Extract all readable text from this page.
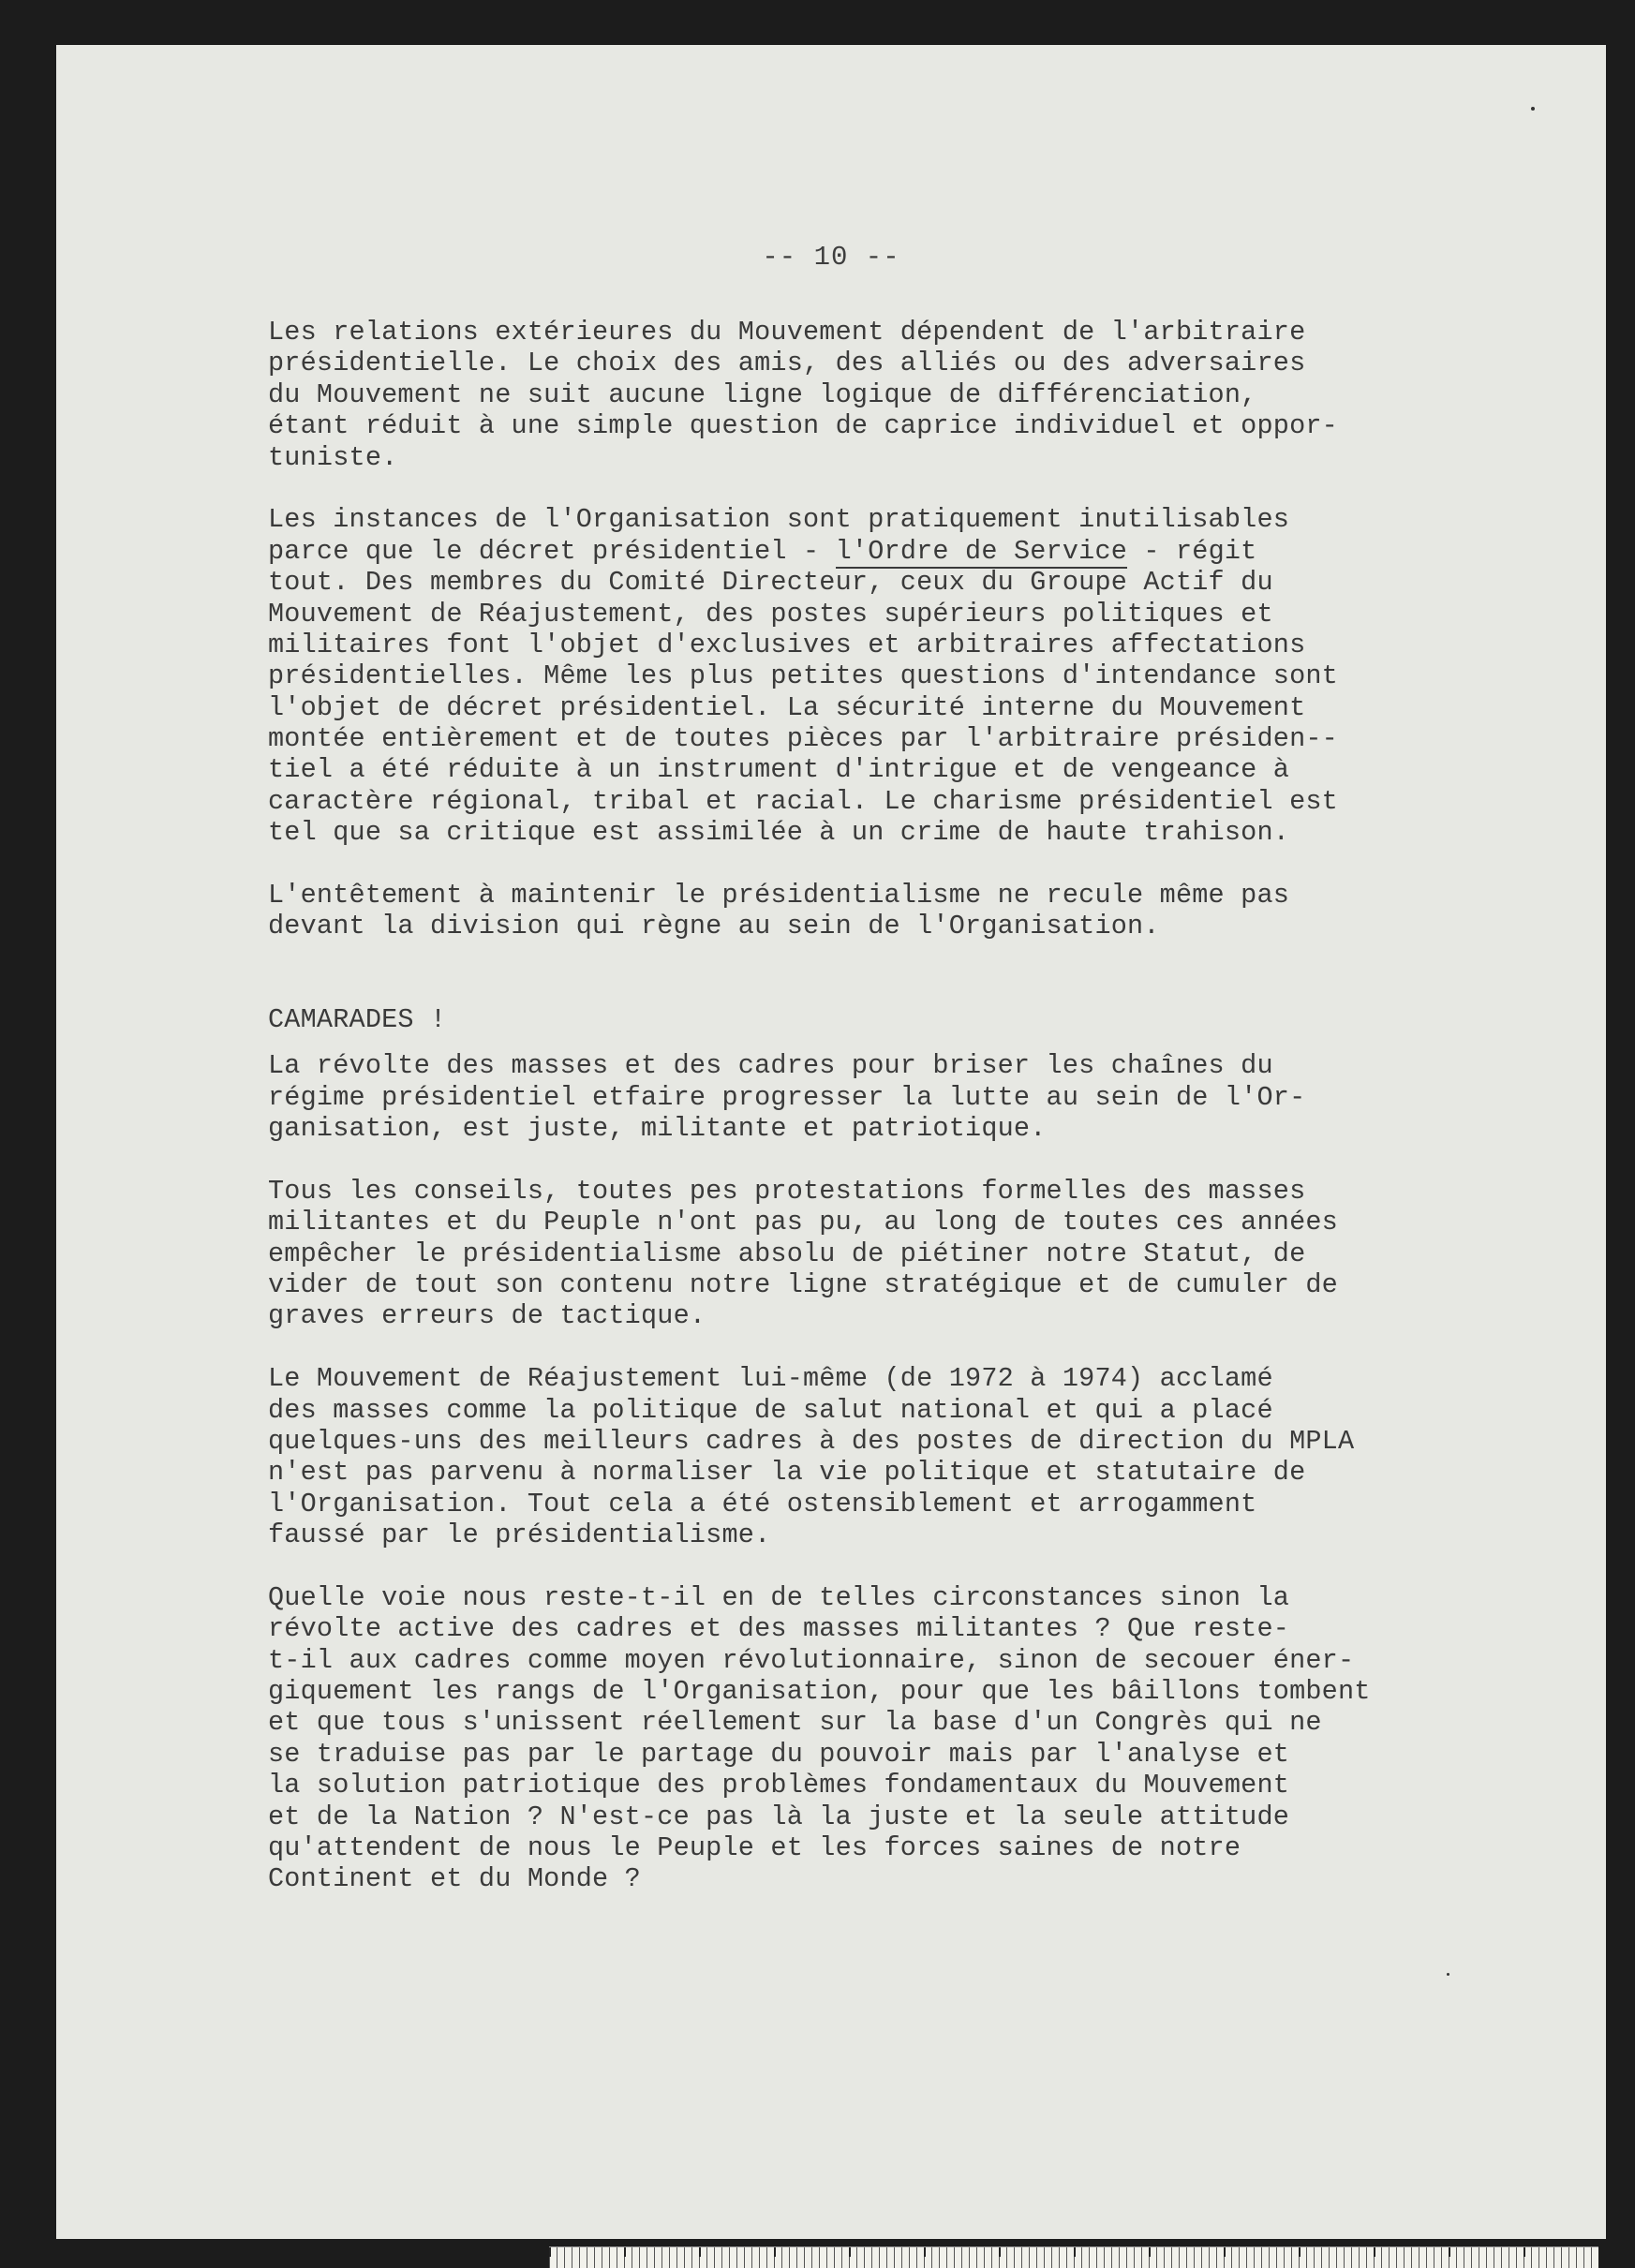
-- 10 --
Les relations extérieures du Mouvement dépendent de l'arbitraire
présidentielle. Le choix des amis, des alliés ou des adversaires
du Mouvement ne suit aucune ligne logique de différenciation,
étant réduit à une simple question de caprice individuel et oppor-
tuniste.
Les instances de l'Organisation sont pratiquement inutilisables
parce que le décret présidentiel - l'Ordre de Service - régit
tout. Des membres du Comité Directeur, ceux du Groupe Actif du
Mouvement de Réajustement, des postes supérieurs politiques et
militaires font l'objet d'exclusives et arbitraires affectations
présidentielles. Même les plus petites questions d'intendance sont
l'objet de décret présidentiel. La sécurité interne du Mouvement
montée entièrement et de toutes pièces par l'arbitraire présiden--
tiel a été réduite à un instrument d'intrigue et de vengeance à
caractère régional, tribal et racial. Le charisme présidentiel est
tel que sa critique est assimilée à un crime de haute trahison.
L'entêtement à maintenir le présidentialisme ne recule même pas
devant la division qui règne au sein de l'Organisation.
CAMARADES !
La révolte des masses et des cadres pour briser les chaînes du
régime présidentiel etfaire progresser la lutte au sein de l'Or-
ganisation, est juste, militante et patriotique.
Tous les conseils, toutes pes protestations formelles des masses
militantes et du Peuple n'ont pas pu, au long de toutes ces années
empêcher le présidentialisme absolu de piétiner notre Statut, de
vider de tout son contenu notre ligne stratégique et de cumuler de
graves erreurs de tactique.
Le Mouvement de Réajustement lui-même (de 1972 à 1974) acclamé
des masses comme la politique de salut national et qui a placé
quelques-uns des meilleurs cadres à des postes de direction du MPLA
n'est pas parvenu à normaliser la vie politique et statutaire de
l'Organisation. Tout cela a été ostensiblement et arrogamment
faussé par le présidentialisme.
Quelle voie nous reste-t-il en de telles circonstances sinon la
révolte active des cadres et des masses militantes ? Que reste-
t-il aux cadres comme moyen révolutionnaire, sinon de secouer éner-
giquement les rangs de l'Organisation, pour que les bâillons tombent
et que tous s'unissent réellement sur la base d'un Congrès qui ne
se traduise pas par le partage du pouvoir mais par l'analyse et
la solution patriotique des problèmes fondamentaux du Mouvement
et de la Nation ? N'est-ce pas là la juste et la seule attitude
qu'attendent de nous le Peuple et les forces saines de notre
Continent et du Monde ?
